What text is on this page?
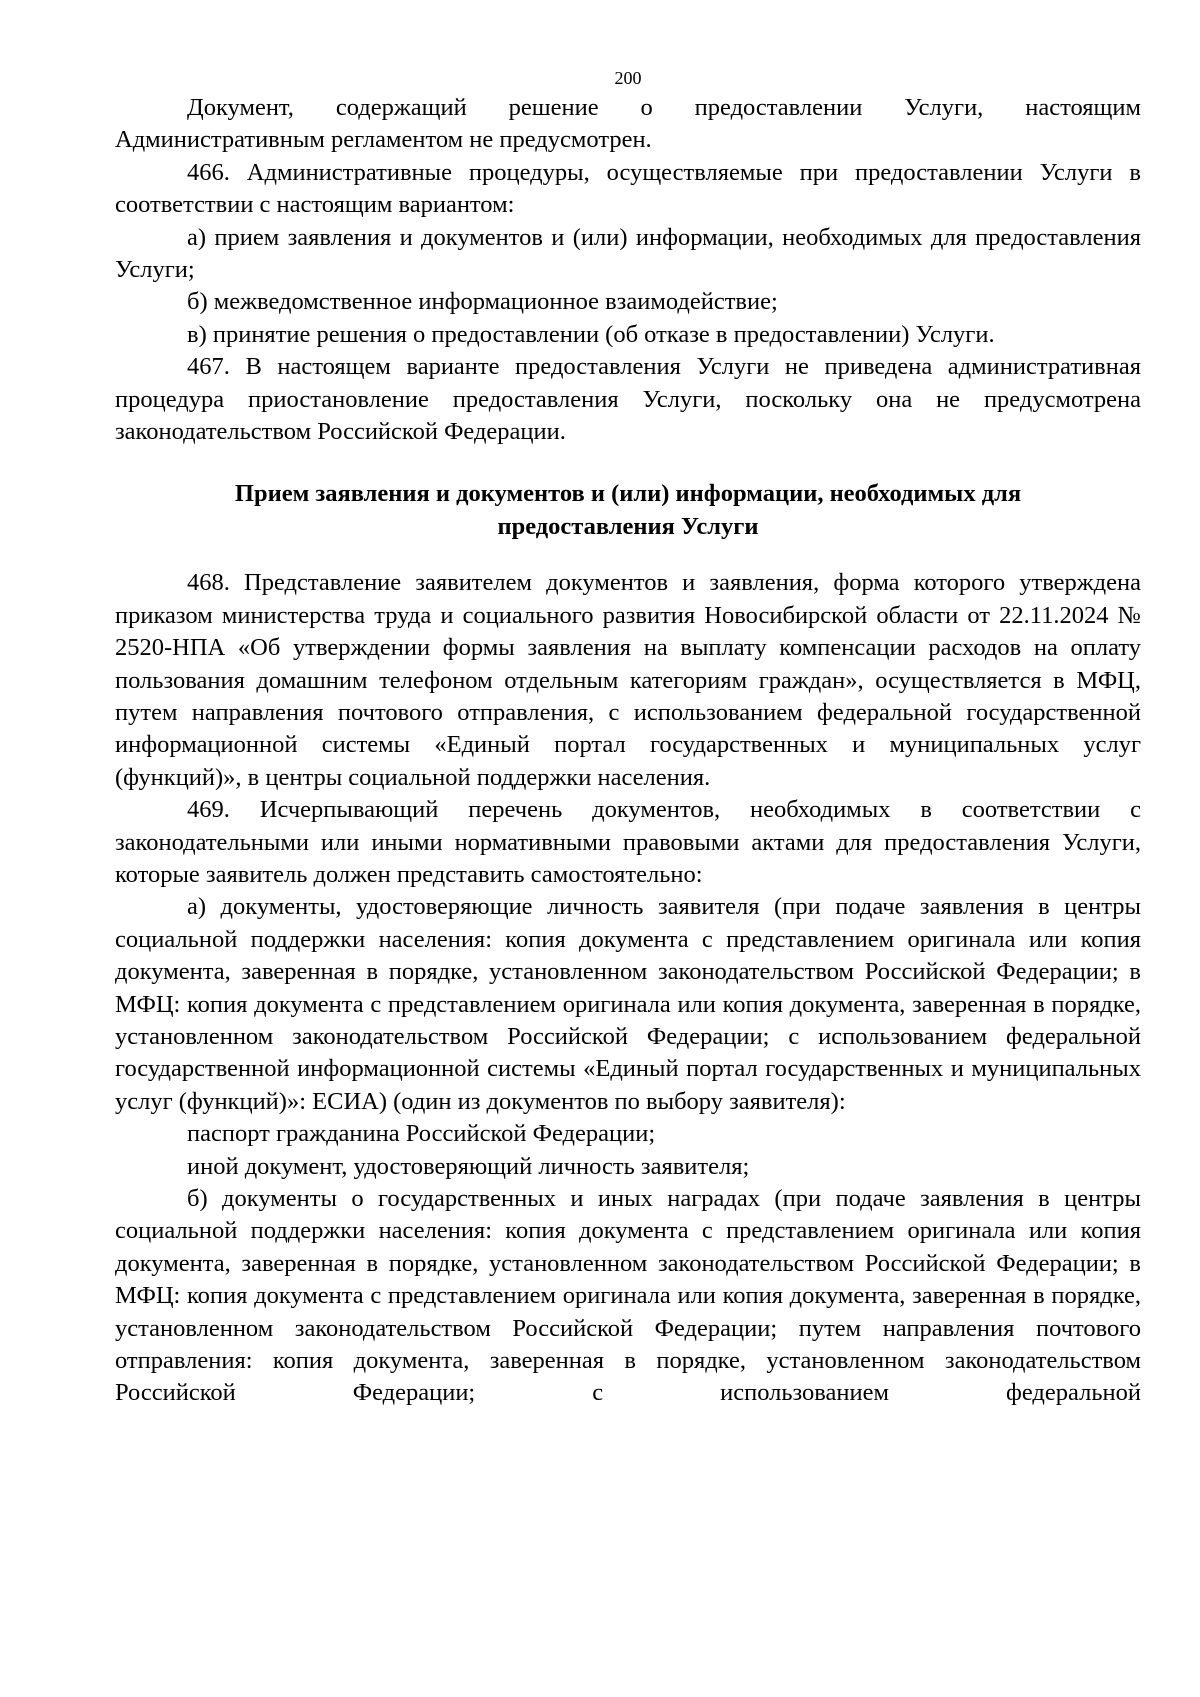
200

Документ, содержащий решение о предоставлении Услуги, настоящим Административным регламентом не предусмотрен.

466. Административные процедуры, осуществляемые при предоставлении Услуги в соответствии с настоящим вариантом:

а) прием заявления и документов и (или) информации, необходимых для предоставления Услуги;

б) межведомственное информационное взаимодействие;

в) принятие решения о предоставлении (об отказе в предоставлении) Услуги.

467. В настоящем варианте предоставления Услуги не приведена административная процедура приостановление предоставления Услуги, поскольку она не предусмотрена законодательством Российской Федерации.

Прием заявления и документов и (или) информации, необходимых для
предоставления Услуги

468. Представление заявителем документов и заявления, форма которого утверждена приказом министерства труда и социального развития Новосибирской области от 22.11.2024 № 2520-НПА «Об утверждении формы заявления на выплату компенсации расходов на оплату пользования домашним телефоном отдельным категориям граждан», осуществляется в МФЦ, путем направления почтового отправления, с использованием федеральной государственной информационной системы «Единый портал государственных и муниципальных услуг (функций)», в центры социальной поддержки населения.

469. Исчерпывающий перечень документов, необходимых в соответствии с законодательными или иными нормативными правовыми актами для предоставления Услуги, которые заявитель должен представить самостоятельно:

а) документы, удостоверяющие личность заявителя (при подаче заявления в центры социальной поддержки населения: копия документа с представлением оригинала или копия документа, заверенная в порядке, установленном законодательством Российской Федерации; в МФЦ: копия документа с представлением оригинала или копия документа, заверенная в порядке, установленном законодательством Российской Федерации; с использованием федеральной государственной информационной системы «Единый портал государственных и муниципальных услуг (функций)»: ЕСИА) (один из документов по выбору заявителя):

паспорт гражданина Российской Федерации;

иной документ, удостоверяющий личность заявителя;

б) документы о государственных и иных наградах (при подаче заявления в центры социальной поддержки населения: копия документа с представлением оригинала или копия документа, заверенная в порядке, установленном законодательством Российской Федерации; в МФЦ: копия документа с представлением оригинала или копия документа, заверенная в порядке, установленном законодательством Российской Федерации; путем направления почтового отправления: копия документа, заверенная в порядке, установленном законодательством Российской Федерации; с использованием федеральной
